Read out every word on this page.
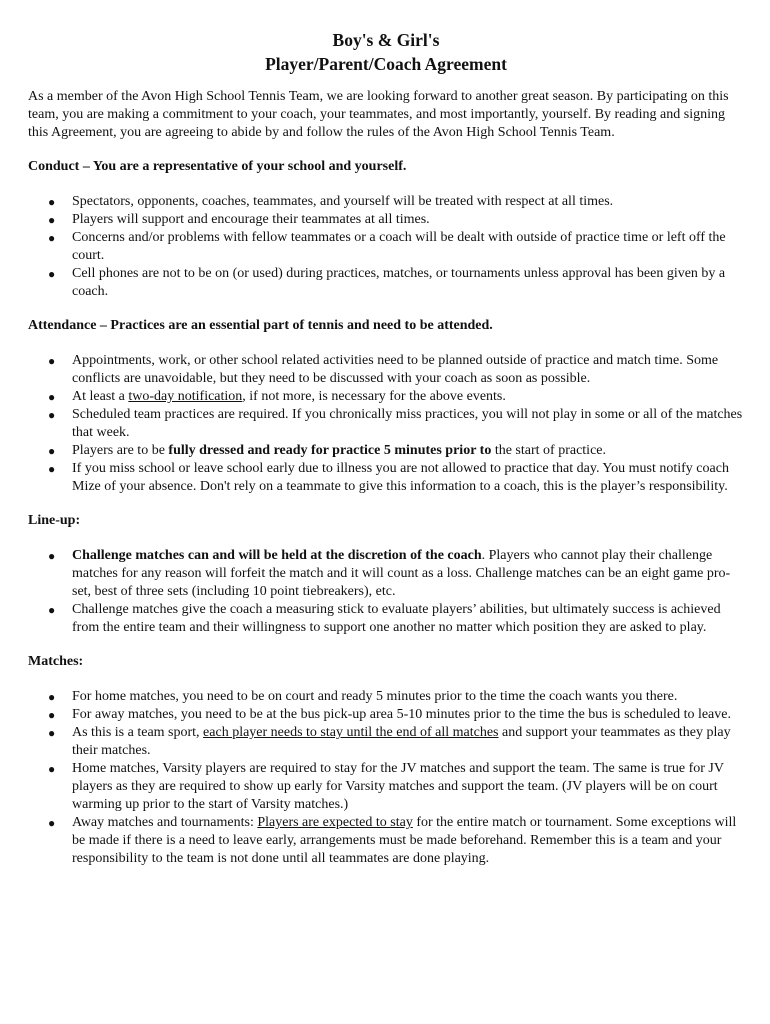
Boy's & Girl's

Player/Parent/Coach Agreement

As a member of the Avon High School Tennis Team, we are looking forward to another great season. By participating on this team, you are making a commitment to your coach, your teammates, and most importantly, yourself. By reading and signing this Agreement, you are agreeing to abide by and follow the rules of the Avon High School Tennis Team.

Conduct – You are a representative of your school and yourself.

● Spectators, opponents, coaches, teammates, and yourself will be treated with respect at all times.
● Players will support and encourage their teammates at all times.
● Concerns and/or problems with fellow teammates or a coach will be dealt with outside of practice time or left off the court.
● Cell phones are not to be on (or used) during practices, matches, or tournaments unless approval has been given by a coach.

Attendance – Practices are an essential part of tennis and need to be attended.

● Appointments, work, or other school related activities need to be planned outside of practice and match time. Some conflicts are unavoidable, but they need to be discussed with your coach as soon as possible.
● At least a two-day notification, if not more, is necessary for the above events.
● Scheduled team practices are required. If you chronically miss practices, you will not play in some or all of the matches that week.
● Players are to be fully dressed and ready for practice 5 minutes prior to the start of practice.
● If you miss school or leave school early due to illness you are not allowed to practice that day. You must notify coach Mize of your absence. Don't rely on a teammate to give this information to a coach, this is the player’s responsibility.

Line-up:

● Challenge matches can and will be held at the discretion of the coach. Players who cannot play their challenge matches for any reason will forfeit the match and it will count as a loss. Challenge matches can be an eight game pro-set, best of three sets (including 10 point tiebreakers), etc.
● Challenge matches give the coach a measuring stick to evaluate players’ abilities, but ultimately success is achieved from the entire team and their willingness to support one another no matter which position they are asked to play.

Matches:

● For home matches, you need to be on court and ready 5 minutes prior to the time the coach wants you there.
● For away matches, you need to be at the bus pick-up area 5-10 minutes prior to the time the bus is scheduled to leave.
● As this is a team sport, each player needs to stay until the end of all matches and support your teammates as they play their matches.
● Home matches, Varsity players are required to stay for the JV matches and support the team. The same is true for JV players as they are required to show up early for Varsity matches and support the team. (JV players will be on court warming up prior to the start of Varsity matches.)
● Away matches and tournaments: Players are expected to stay for the entire match or tournament. Some exceptions will be made if there is a need to leave early, arrangements must be made beforehand. Remember this is a team and your responsibility to the team is not done until all teammates are done playing.
